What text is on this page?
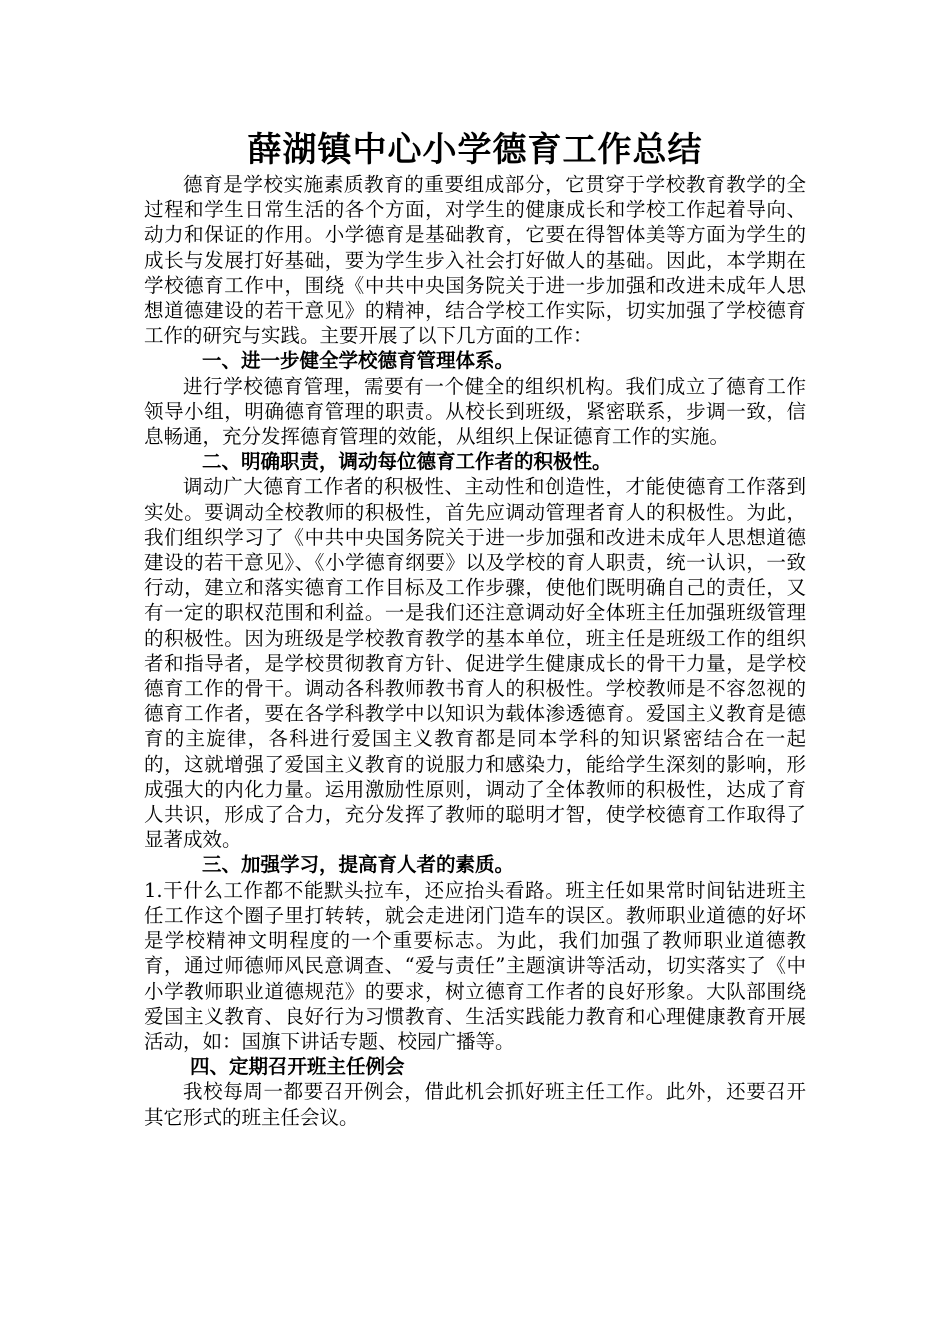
薛湖镇中心小学德育工作总结

德育是学校实施素质教育的重要组成部分，它贯穿于学校教育教学的全过程和学生日常生活的各个方面，对学生的健康成长和学校工作起着导向、动力和保证的作用。小学德育是基础教育，它要在得智体美等方面为学生的成长与发展打好基础，要为学生步入社会打好做人的基础。因此，本学期在学校德育工作中，围绕《中共中央国务院关于进一步加强和改进未成年人思想道德建设的若干意见》的精神，结合学校工作实际，切实加强了学校德育工作的研究与实践。主要开展了以下几方面的工作：

一、进一步健全学校德育管理体系。

进行学校德育管理，需要有一个健全的组织机构。我们成立了德育工作领导小组，明确德育管理的职责。从校长到班级，紧密联系，步调一致，信息畅通，充分发挥德育管理的效能，从组织上保证德育工作的实施。

二、明确职责，调动每位德育工作者的积极性。

调动广大德育工作者的积极性、主动性和创造性，才能使德育工作落到实处。要调动全校教师的积极性，首先应调动管理者育人的积极性。为此，我们组织学习了《中共中央国务院关于进一步加强和改进未成年人思想道德建设的若干意见》、《小学德育纲要》以及学校的育人职责，统一认识，一致行动，建立和落实德育工作目标及工作步骤，使他们既明确自己的责任，又有一定的职权范围和利益。一是我们还注意调动好全体班主任加强班级管理的积极性。因为班级是学校教育教学的基本单位，班主任是班级工作的组织者和指导者，是学校贯彻教育方针、促进学生健康成长的骨干力量，是学校德育工作的骨干。调动各科教师教书育人的积极性。学校教师是不容忽视的德育工作者，要在各学科教学中以知识为载体渗透德育。爱国主义教育是德育的主旋律，各科进行爱国主义教育都是同本学科的知识紧密结合在一起的，这就增强了爱国主义教育的说服力和感染力，能给学生深刻的影响，形成强大的内化力量。运用激励性原则，调动了全体教师的积极性，达成了育人共识，形成了合力，充分发挥了教师的聪明才智，使学校德育工作取得了显著成效。

三、加强学习，提高育人者的素质。

1.干什么工作都不能默头拉车，还应抬头看路。班主任如果常时间钻进班主任工作这个圈子里打转转，就会走进闭门造车的误区。教师职业道德的好坏是学校精神文明程度的一个重要标志。为此，我们加强了教师职业道德教育，通过师德师风民意调查、“爱与责任”主题演讲等活动，切实落实了《中小学教师职业道德规范》的要求，树立德育工作者的良好形象。大队部围绕爱国主义教育、良好行为习惯教育、生活实践能力教育和心理健康教育开展活动，如：国旗下讲话专题、校园广播等。

四、定期召开班主任例会

我校每周一都要召开例会，借此机会抓好班主任工作。此外，还要召开其它形式的班主任会议。
